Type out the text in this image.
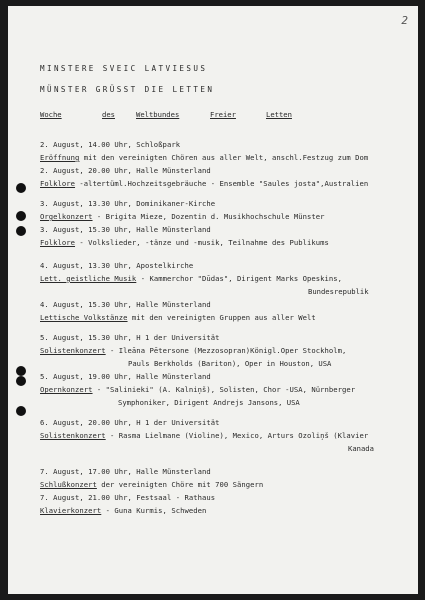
2
MINSTERE SVEIC LATVIESUS
MÜNSTER GRÜSST DIE LETTEN
Woche	des	Weltbundes	Freier	Letten
2. August, 14.00 Uhr, Schloßpark
Eröffnung mit den vereinigten Chören aus aller Welt, anschl.Festzug zum Dom
2. August, 20.00 Uhr, Halle Münsterland
Folklore -altertüml.Hochzeitsgebräuche - Ensemble "Saules josta",Australien
3. August, 13.30 Uhr, Dominikaner-Kirche
Orgelkonzert - Brigita Mieze, Dozentin d. Musikhochschule Münster
3. August, 15.30 Uhr, Halle Münsterland
Folklore - Volkslieder, -tänze und -musik, Teilnahme des Publikums
4. August, 13.30 Uhr, Apostelkirche
Lett. geistliche Musik - Kammerchor "Dūdas", Dirigent Marks Opeskins,
Bundesrepublik
4. August, 15.30 Uhr, Halle Münsterland
Lettische Volkstänze mit den vereinigten Gruppen aus aller Welt
5. August, 15.30 Uhr, H 1 der Universität
Solistenkonzert - Ileāna Pētersone (Mezzosopran)Königl.Oper Stockholm,
Pauls Berkholds (Bariton), Oper in Houston, USA
5. August, 19.00 Uhr, Halle Münsterland
Opernkonzert - "Salinieki" (A. Kalniņš), Solisten, Chor -USA, Nürnberger
Symphoniker, Dirigent Andrejs Jansons, USA
6. August, 20.00 Uhr, H 1 der Universität
Solistenkonzert - Rasma Lielmane (Violine), Mexico, Arturs Ozoliņš (Klavier
Kanada
7. August, 17.00 Uhr, Halle Münsterland
Schlußkonzert der vereinigten Chöre mit 700 Sängern
7. August, 21.00 Uhr, Festsaal - Rathaus
Klavierkonzert - Guna Kurmis, Schweden
